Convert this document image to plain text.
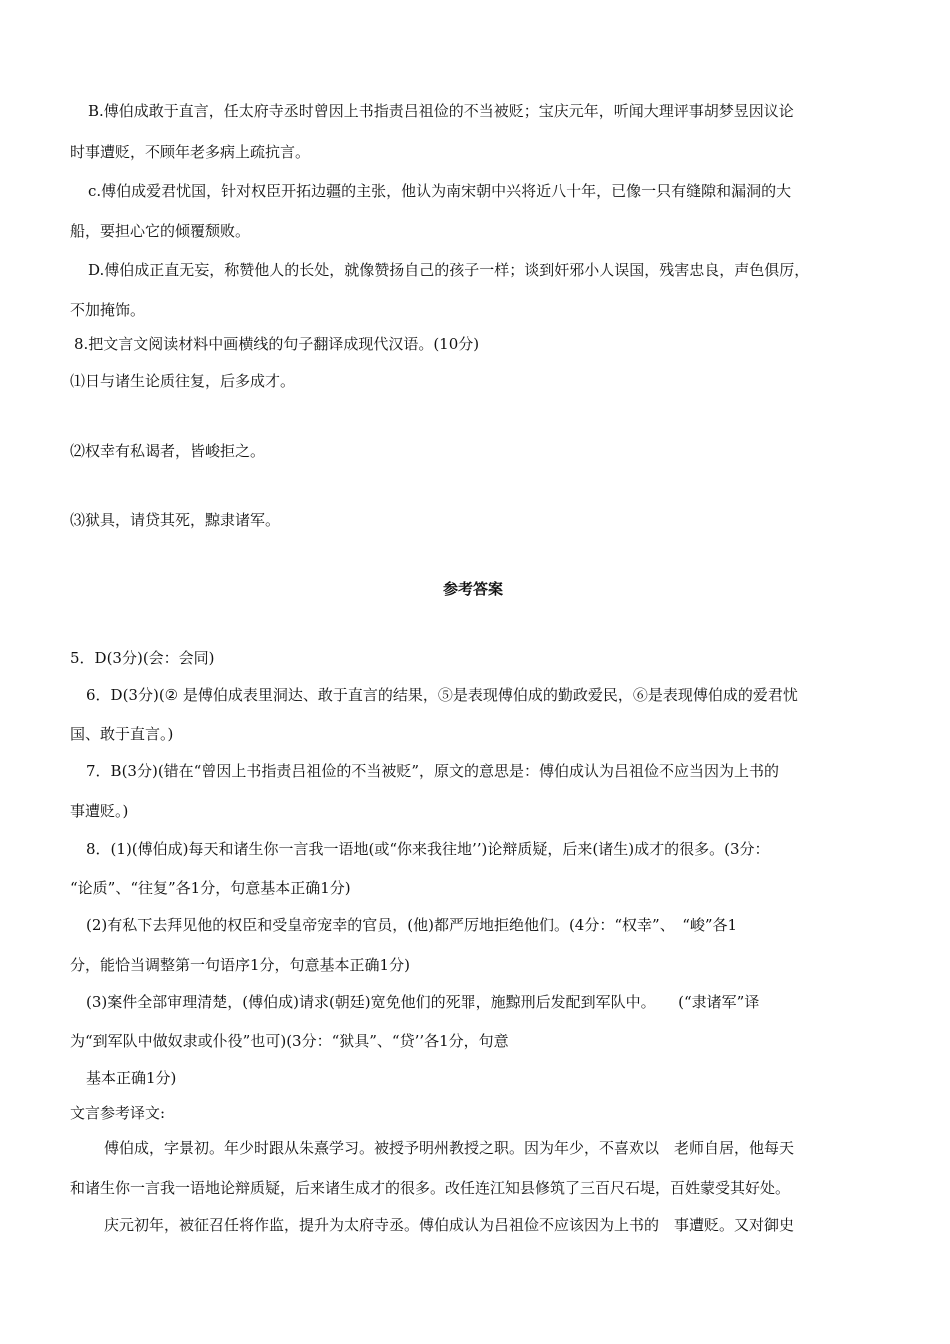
B.傅伯成敢于直言，任太府寺丞时曾因上书指责吕祖俭的不当被贬；宝庆元年，听闻大理评事胡梦昱因议论
时事遭贬，不顾年老多病上疏抗言。
c.傅伯成爱君忧国，针对权臣开拓边疆的主张，他认为南宋朝中兴将近八十年，已像一只有缝隙和漏洞的大
船，要担心它的倾覆颓败。
D.傅伯成正直无妄，称赞他人的长处，就像赞扬自己的孩子一样；谈到奸邪小人误国，残害忠良，声色俱厉，
不加掩饰。
8.把文言文阅读材料中画横线的句子翻译成现代汉语。(10分)
⑴日与诸生论质往复，后多成才。
⑵权幸有私谒者，皆峻拒之。
⑶狱具，请贷其死，黥隶诸军。
参考答案
5．D(3分)(会：会同)
6．D(3分)(② 是傅伯成表里洞达、敢于直言的结果，⑤是表现傅伯成的勤政爱民，⑥是表现傅伯成的爱君忧
国、敢于直言。)
7．B(3分)(错在“曾因上书指责吕祖俭的不当被贬”，原文的意思是：傅伯成认为吕祖俭不应当因为上书的
事遭贬。)
8．(1)(傅伯成)每天和诸生你一言我一语地(或“你来我往地’’)论辩质疑，后来(诸生)成才的很多。(3分：
“论质”、“往复”各1分，句意基本正确1分)
(2)有私下去拜见他的权臣和受皇帝宠幸的官员，(他)都严厉地拒绝他们。(4分：“权幸”、　“峻”各1
分，能恰当调整第一句语序1分，句意基本正确1分)
(3)案件全部审理清楚，(傅伯成)请求(朝廷)宽免他们的死罪，施黥刑后发配到军队中。　　(“隶诸军”译
为“到军队中做奴隶或仆役”也可)(3分：“狱具”、“贷’’各1分，句意
基本正确1分)
文言参考译文:
傅伯成，字景初。年少时跟从朱熹学习。被授予明州教授之职。因为年少，不喜欢以　老师自居，他每天
和诸生你一言我一语地论辩质疑，后来诸生成才的很多。改任连江知县修筑了三百尺石堤，百姓蒙受其好处。
庆元初年，被征召任将作监，提升为太府寺丞。傅伯成认为吕祖俭不应该因为上书的　事遭贬。又对御史
